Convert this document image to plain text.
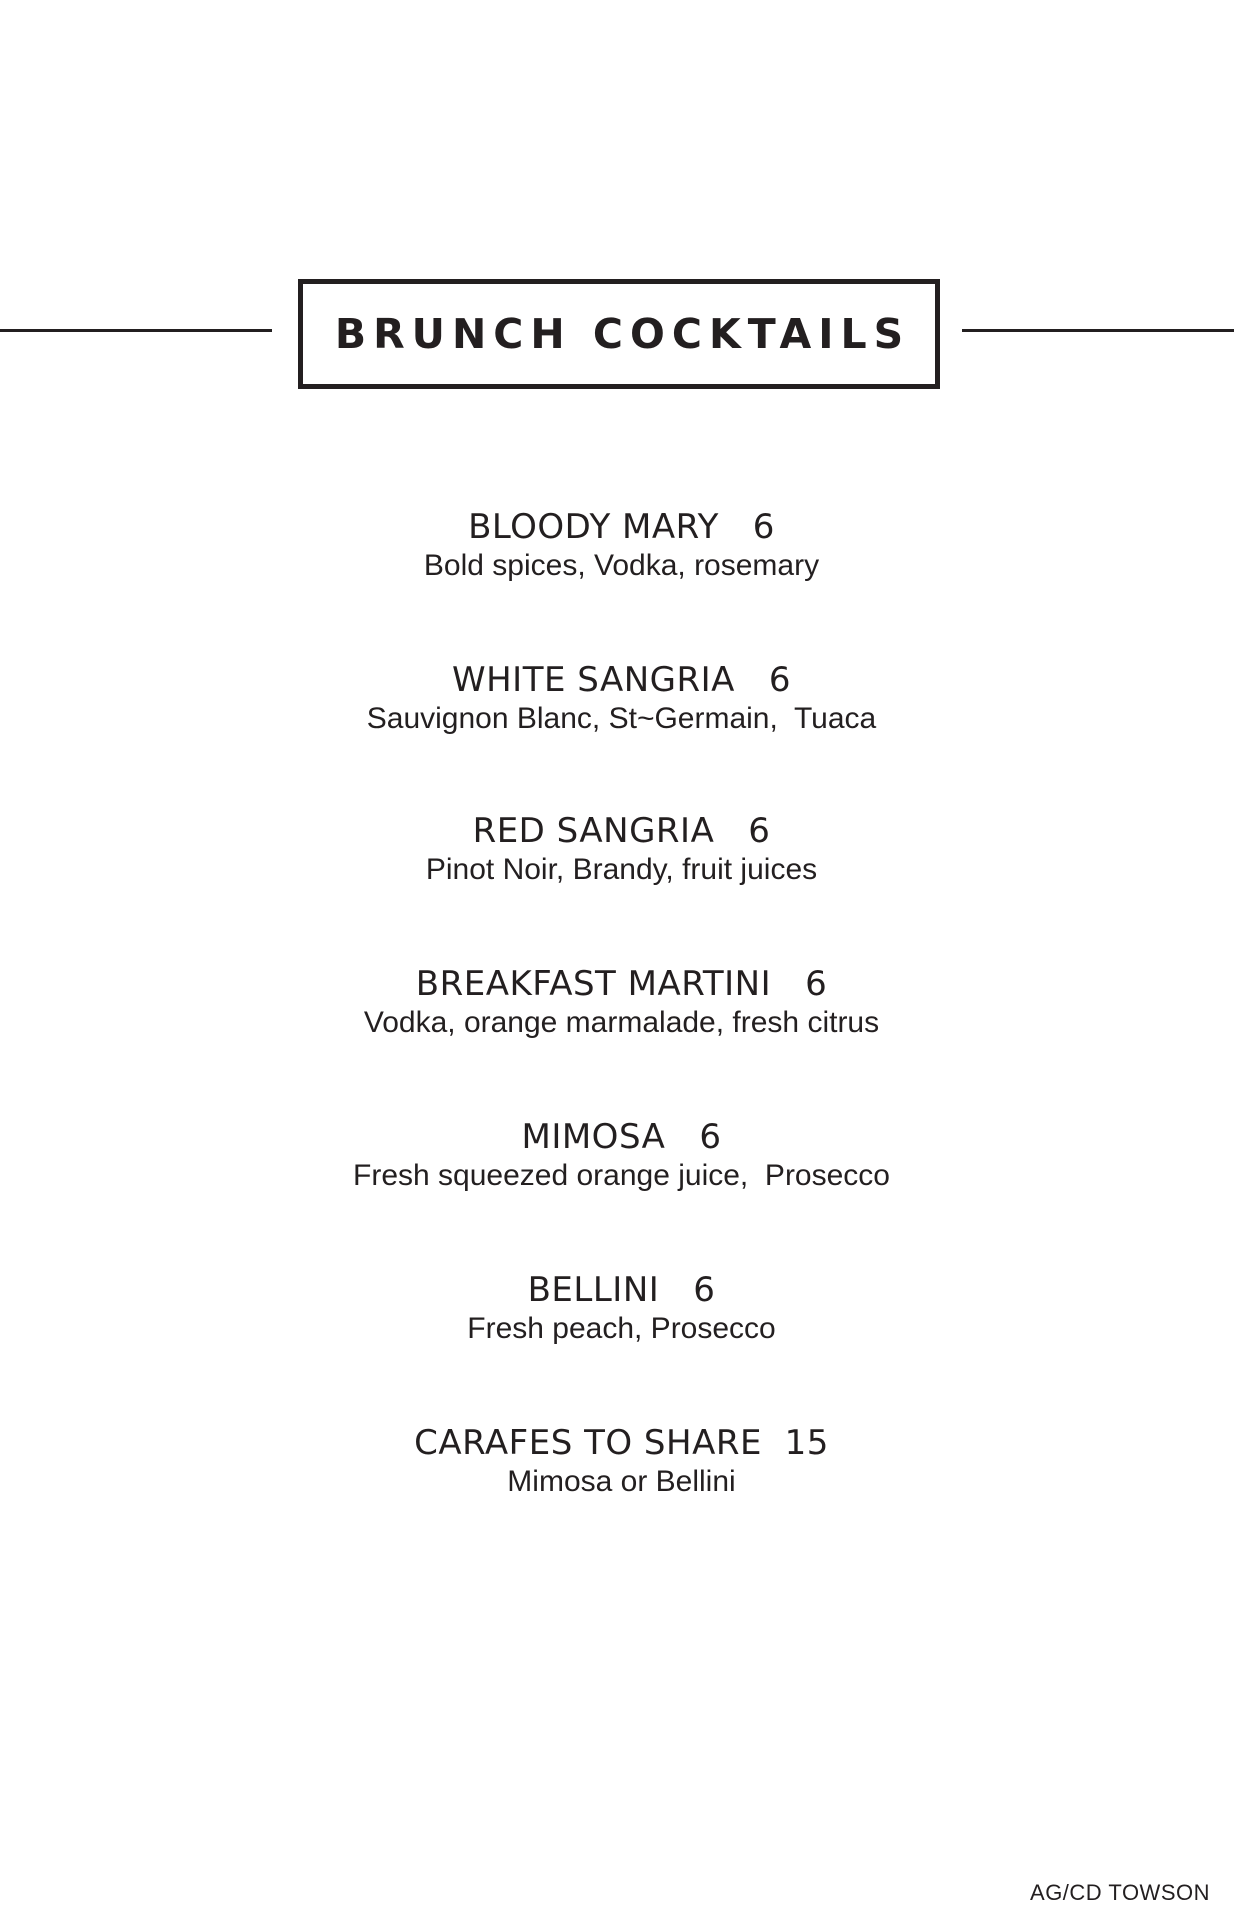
BRUNCH COCKTAILS
BLOODY MARY 6
Bold spices, Vodka, rosemary
WHITE SANGRIA 6
Sauvignon Blanc, St~Germain,  Tuaca
RED SANGRIA 6
Pinot Noir, Brandy, fruit juices
BREAKFAST MARTINI 6
Vodka, orange marmalade, fresh citrus
MIMOSA 6
Fresh squeezed orange juice,  Prosecco
BELLINI 6
Fresh peach, Prosecco
CARAFES TO SHARE 15
Mimosa or Bellini
AG/CD TOWSON
